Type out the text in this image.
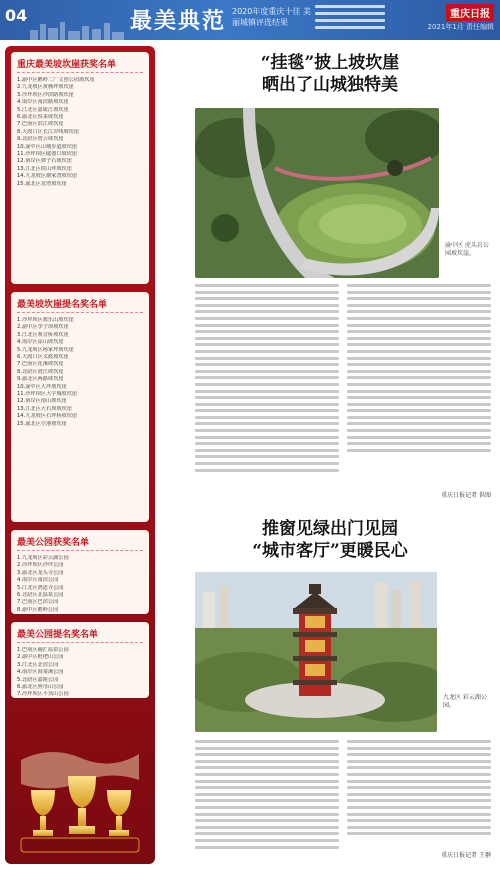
04	最美典范 2020年度重庆十佳 美丽城镇评选结果
重庆日报
2021年1月 责任编辑
重庆最美坡坎崖获奖名单
1.渝中区鹅岭二厂文创公园坡坎崖
2.九龙坡区黄桷坪坡坎崖
3.沙坪坝区沙滨路坡坎崖
4.南岸区南滨路坡坎崖
5.江北区嘉陵江坡坎崖
6.渝北区悦来坡坎崖
7.巴南区滨江坡坎崖
8.大渡口区长江岸线坡坎崖
9.北碚区缙云坡坎崖
10.渝中区山城步道坡坎崖
11.沙坪坝区磁器口坡坎崖
12.南岸区弹子石坡坎崖
13.江北区铁山坪坡坎崖
14.九龙坡区谢家湾坡坎崖
15.渝北区龙塔坡坎崖
最美坡坎崖提名奖名单
1.沙坪坝区歌乐山坡坎崖
2.渝中区李子坝坡坎崖
3.江北区观音桥坡坎崖
4.南岸区涂山坡坎崖
5.九龙坡区杨家坪坡坎崖
6.大渡口区义渡坡坎崖
7.巴南区花溪坡坎崖
8.北碚区澄江坡坎崖
9.渝北区两路坡坎崖
10.渝中区大坪坡坎崖
11.沙坪坝区大学城坡坎崖
12.南岸区南山坡坎崖
13.江北区大石坝坡坎崖
14.九龙坡区石坪桥坡坎崖
15.渝北区空港坡坎崖
最美公园获奖名单
1.九龙坡区彩云湖公园
2.沙坪坝区沙坪公园
3.渝北区龙头寺公园
4.南岸区南滨公园
5.江北区鸿恩寺公园
6.北碚区北温泉公园
7.巴南区巴滨公园
8.渝中区鹅岭公园
最美公园提名奖名单
1.巴南区融汇温泉公园
2.渝中区枇杷山公园
3.江北区北滨公园
4.南岸区海棠溪公园
5.北碚区嘉陵公园
6.渝北区照母山公园
7.沙坪坝区平顶山公园
“挂毯”披上坡坎崖
晒出了山城独特美
渝中区 虎头岩公 园坡坎崖。
重庆日报记者 供图
推窗见绿出门见园
“城市客厅”更暖民心
九龙区 彩云湖公 园。
重庆日报记者 王翀
